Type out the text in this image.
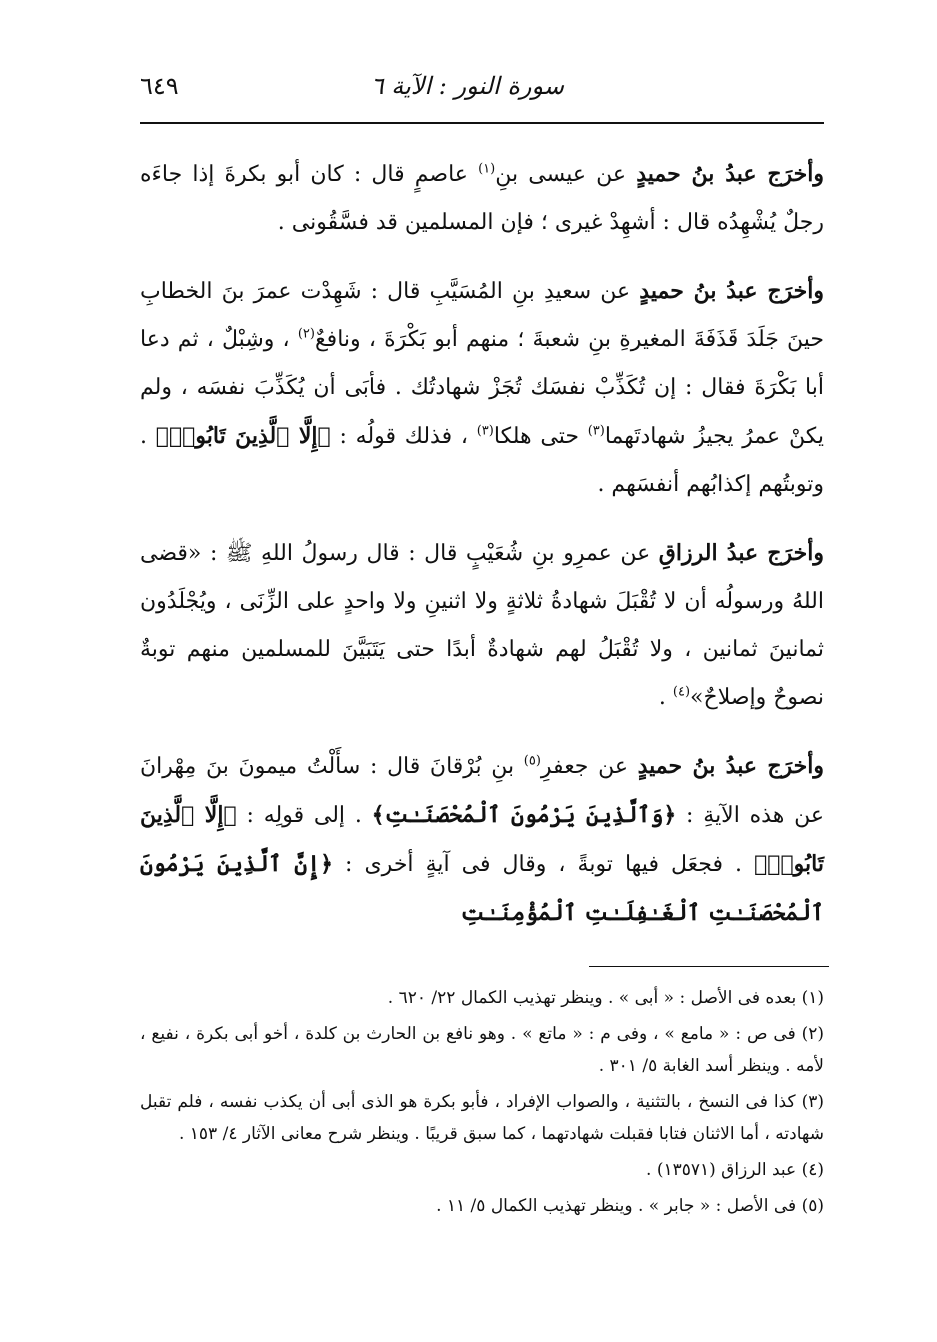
سورة النور : الآية ٦
٦٤٩

وأخرَج عبدُ بنُ حميدٍ عن عيسى بنِ$^{(١)}$ عاصمٍ قال : كان أبو بكرةَ إذا جاءَه رجلٌ يُشْهِدُه قال : أشهِدْ غيرى ؛ فإن المسلمين قد فسَّقُونى .

وأخرَج عبدُ بنُ حميدٍ عن سعيدِ بنِ المُسَيَّبِ قال : شَهِدْت عمرَ بنَ الخطابِ حينَ جَلَدَ قَذَفَةَ المغيرةِ بنِ شعبةَ ؛ منهم أبو بَكْرَةَ ، ونافعٌ$^{(٢)}$ ، وشِبْلٌ ، ثم دعا أبا بَكْرَةَ فقال : إن تُكَذِّبْ نفسَك تُجَزْ شهادتُك . فأبَى أن يُكَذِّبَ نفسَه ، ولم يكنْ عمرُ يجيزُ شهادتَهما$^{(٣)}$ حتى هلكا$^{(٣)}$ ، فذلك قولُه : ﴿إِلَّا ٱلَّذِينَ تَابُوا۟﴾ . وتوبتُهم إكذابُهم أنفسَهم .

وأخرَج عبدُ الرزاقِ عن عمرِو بنِ شُعَيْبٍ قال : قال رسولُ اللهِ ﷺ : «قضى اللهُ ورسولُه أن لا تُقْبَلَ شهادةُ ثلاثةٍ ولا اثنينِ ولا واحدٍ على الزِّنَى ، ويُجْلَدُون ثمانينَ ثمانين ، ولا تُقْبَلُ لهم شهادةٌ أبدًا حتى يَتَبَيَّنَ للمسلمين منهم توبةٌ نصوحٌ وإصلاحٌ»$^{(٤)}$ .

وأخرَج عبدُ بنُ حميدٍ عن جعفرِ$^{(٥)}$ بنِ بُرْقانَ قال : سأَلْتُ ميمونَ بنَ مِهْرانَ عن هذه الآيةِ : ﴿وَٱلَّذِينَ يَرْمُونَ ٱلْمُحْصَنَـٰتِ﴾ . إلى قولِه : ﴿إِلَّا ٱلَّذِينَ تَابُوا۟﴾ . فجعَل فيها توبةً ، وقال فى آيةٍ أخرى : ﴿إِنَّ ٱلَّذِينَ يَرْمُونَ ٱلْمُحْصَنَـٰتِ ٱلْغَـٰفِلَـٰتِ ٱلْمُؤْمِنَـٰتِ

(١) بعده فى الأصل : « أبى » . وينظر تهذيب الكمال ٢٢/ ٦٢٠ .

(٢) فى ص : « مامع » ، وفى م : « ماتع » . وهو نافع بن الحارث بن كلدة ، أخو أبى بكرة ، نفيع ، لأمه . وينظر أسد الغابة ٥/ ٣٠١ .

(٣) كذا فى النسخ ، بالتثنية ، والصواب الإفراد ، فأبو بكرة هو الذى أبى أن يكذب نفسه ، فلم تقبل شهادته ، أما الاثنان فتابا فقبلت شهادتهما ، كما سبق قريبًا . وينظر شرح معانى الآثار ٤/ ١٥٣ .

(٤) عبد الرزاق (١٣٥٧١) .

(٥) فى الأصل : « جابر » . وينظر تهذيب الكمال ٥/ ١١ .
